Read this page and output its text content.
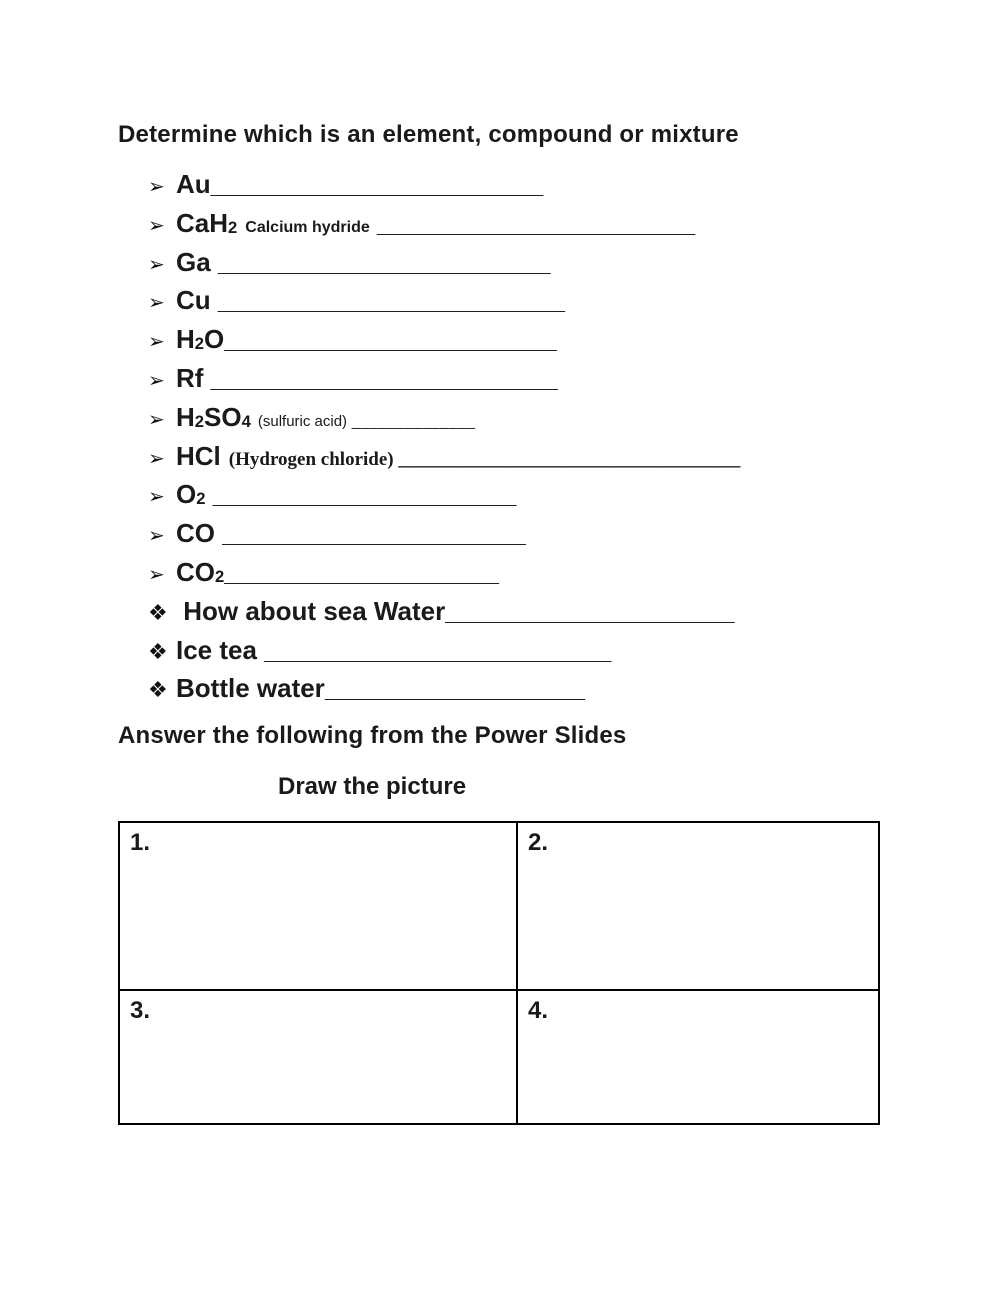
Determine which is an element, compound or mixture
➢ Au_______________________
➢ CaH2 Calcium hydride ______________________
➢ Ga _______________________
➢ Cu ________________________
➢ H2O_______________________
➢ Rf ________________________
➢ H2SO4 (sulfuric acid) ______________
➢ HCl (Hydrogen chloride) ____________________________________
➢ O2 _____________________
➢ CO _____________________
➢ CO2___________________
❖ How about sea Water____________________
❖ Ice tea ________________________
❖ Bottle water__________________
Answer the following from the Power Slides
Draw the picture
1.	2.
3.	4.
